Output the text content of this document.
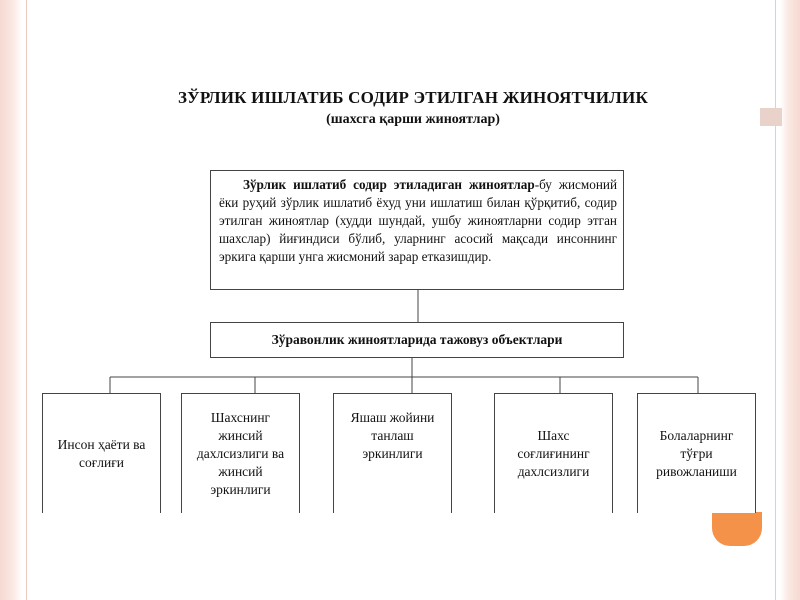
ЗЎРЛИК ИШЛАТИБ СОДИР ЭТИЛГАН ЖИНОЯТЧИЛИК
(шахсга қарши жиноятлар)

Зўрлик ишлатиб содир этиладиган жиноятлар-бу жисмоний ёки руҳий зўрлик ишлатиб ёхуд уни ишлатиш билан қўрқитиб, содир этилган жиноятлар (худди шундай, ушбу жиноятларни содир этган шахслар) йиғиндиси бўлиб, уларнинг асосий мақсади инсоннинг эркига қарши унга жисмоний зарар етказишдир.

Зўравонлик жиноятларида тажовуз объектлари
Инсон ҳаёти ва соғлиғи
Шахснинг жинсий дахлсизлиги ва жинсий эркинлиги
Яшаш жойини танлаш эркинлиги
Шахс соғлиғининг дахлсизлиги
Болаларнинг тўғри ривожланиши
